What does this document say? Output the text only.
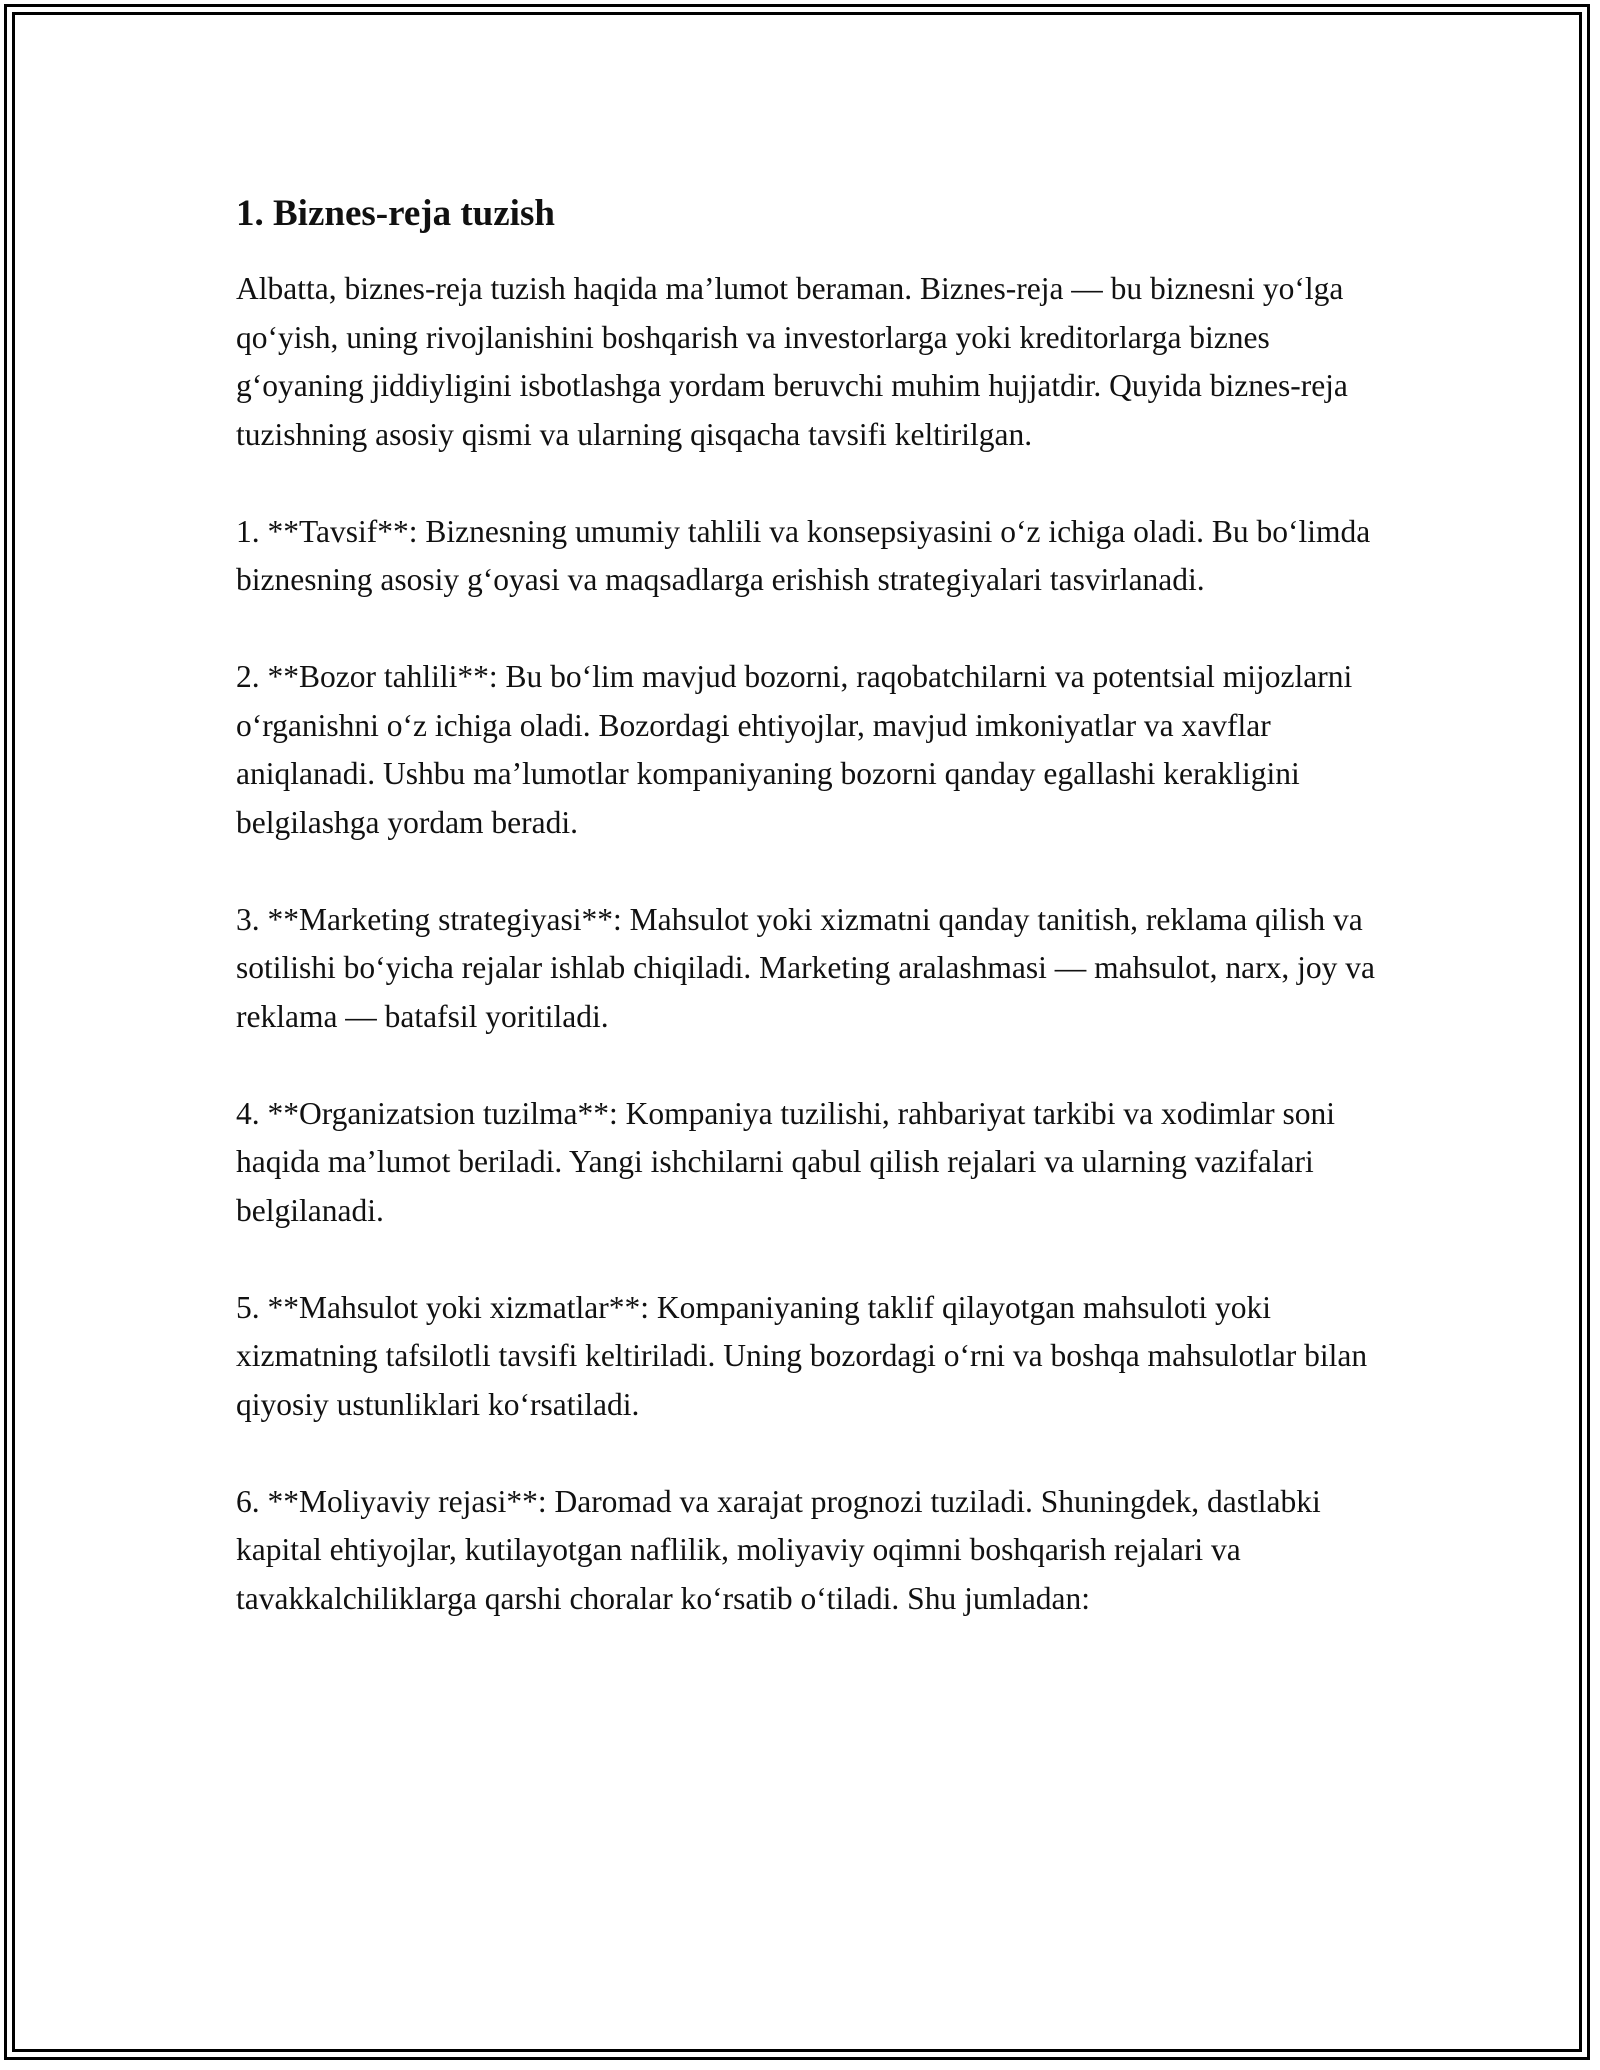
1. Biznes-reja tuzish

Albatta, biznes-reja tuzish haqida ma’lumot beraman. Biznes-reja — bu biznesni yo‘lga qo‘yish, uning rivojlanishini boshqarish va investorlarga yoki kreditorlarga biznes g‘oyaning jiddiyligini isbotlashga yordam beruvchi muhim hujjatdir. Quyida biznes-reja tuzishning asosiy qismi va ularning qisqacha tavsifi keltirilgan.

1. **Tavsif**: Biznesning umumiy tahlili va konsepsiyasini o‘z ichiga oladi. Bu bo‘limda biznesning asosiy g‘oyasi va maqsadlarga erishish strategiyalari tasvirlanadi.

2. **Bozor tahlili**: Bu bo‘lim mavjud bozorni, raqobatchilarni va potentsial mijozlarni o‘rganishni o‘z ichiga oladi. Bozordagi ehtiyojlar, mavjud imkoniyatlar va xavflar aniqlanadi. Ushbu ma’lumotlar kompaniyaning bozorni qanday egallashi kerakligini belgilashga yordam beradi.

3. **Marketing strategiyasi**: Mahsulot yoki xizmatni qanday tanitish, reklama qilish va sotilishi bo‘yicha rejalar ishlab chiqiladi. Marketing aralashmasi — mahsulot, narx, joy va reklama — batafsil yoritiladi.

4. **Organizatsion tuzilma**: Kompaniya tuzilishi, rahbariyat tarkibi va xodimlar soni haqida ma’lumot beriladi. Yangi ishchilarni qabul qilish rejalari va ularning vazifalari belgilanadi.

5. **Mahsulot yoki xizmatlar**: Kompaniyaning taklif qilayotgan mahsuloti yoki xizmatning tafsilotli tavsifi keltiriladi. Uning bozordagi o‘rni va boshqa mahsulotlar bilan qiyosiy ustunliklari ko‘rsatiladi.

6. **Moliyaviy rejasi**: Daromad va xarajat prognozi tuziladi. Shuningdek, dastlabki kapital ehtiyojlar, kutilayotgan naflilik, moliyaviy oqimni boshqarish rejalari va tavakkalchiliklarga qarshi choralar ko‘rsatib o‘tiladi. Shu jumladan:
